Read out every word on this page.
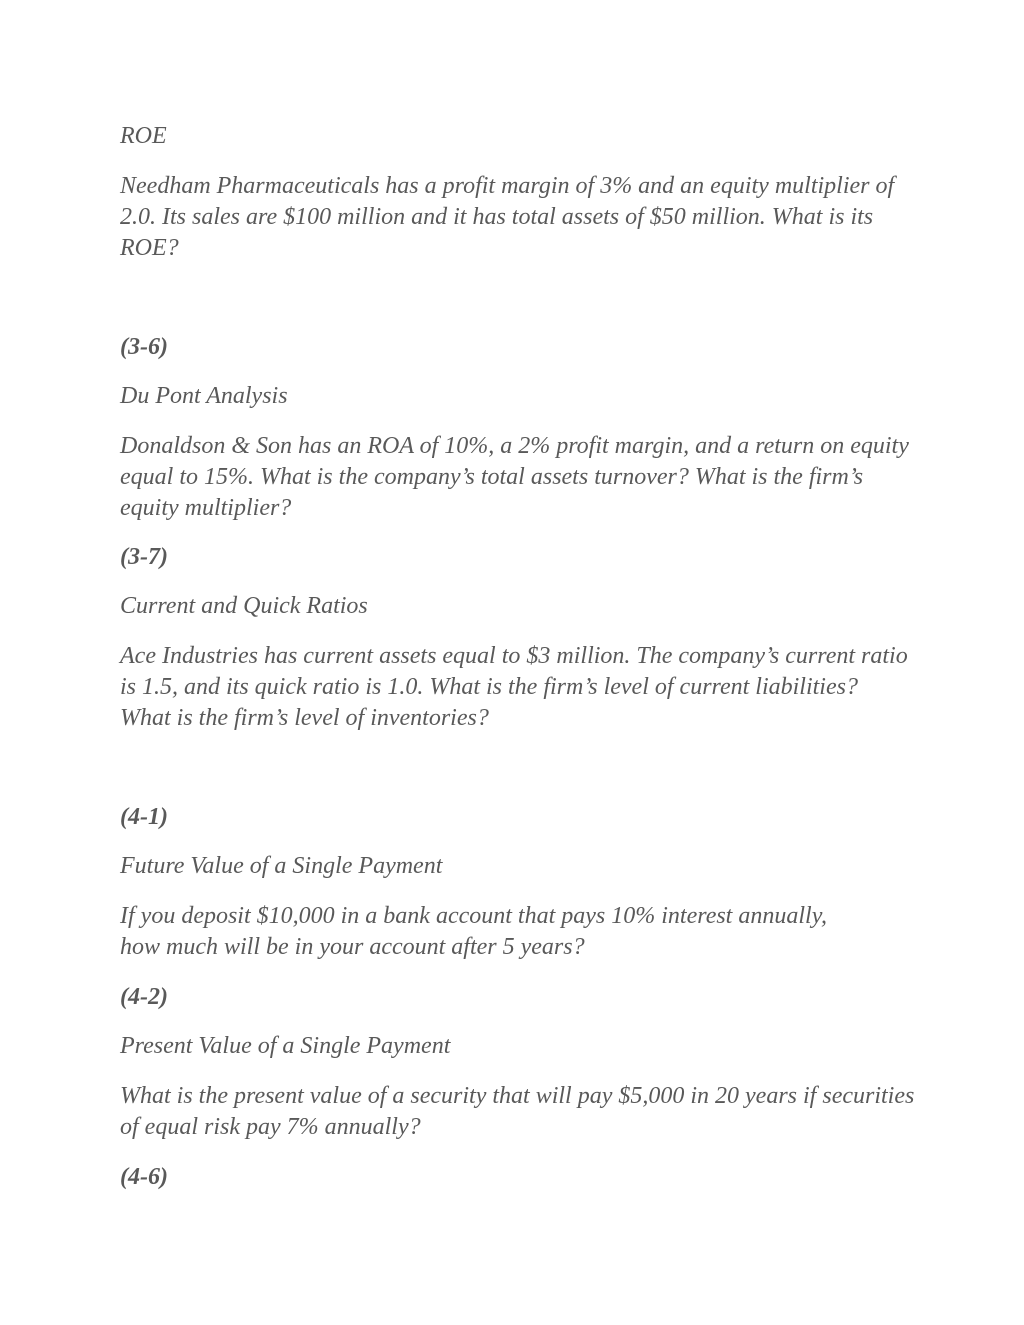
ROE

Needham Pharmaceuticals has a profit margin of 3% and an equity multiplier of 2.0. Its sales are $100 million and it has total assets of $50 million. What is its ROE?

(3-6)

Du Pont Analysis

Donaldson & Son has an ROA of 10%, a 2% profit margin, and a return on equity equal to 15%. What is the company’s total assets turnover? What is the firm’s equity multiplier?

(3-7)

Current and Quick Ratios

Ace Industries has current assets equal to $3 million. The company’s current ratio is 1.5, and its quick ratio is 1.0. What is the firm’s level of current liabilities? What is the firm’s level of inventories?

(4-1)

Future Value of a Single Payment

If you deposit $10,000 in a bank account that pays 10% interest annually, how much will be in your account after 5 years?

(4-2)

Present Value of a Single Payment

What is the present value of a security that will pay $5,000 in 20 years if securities of equal risk pay 7% annually?

(4-6)
